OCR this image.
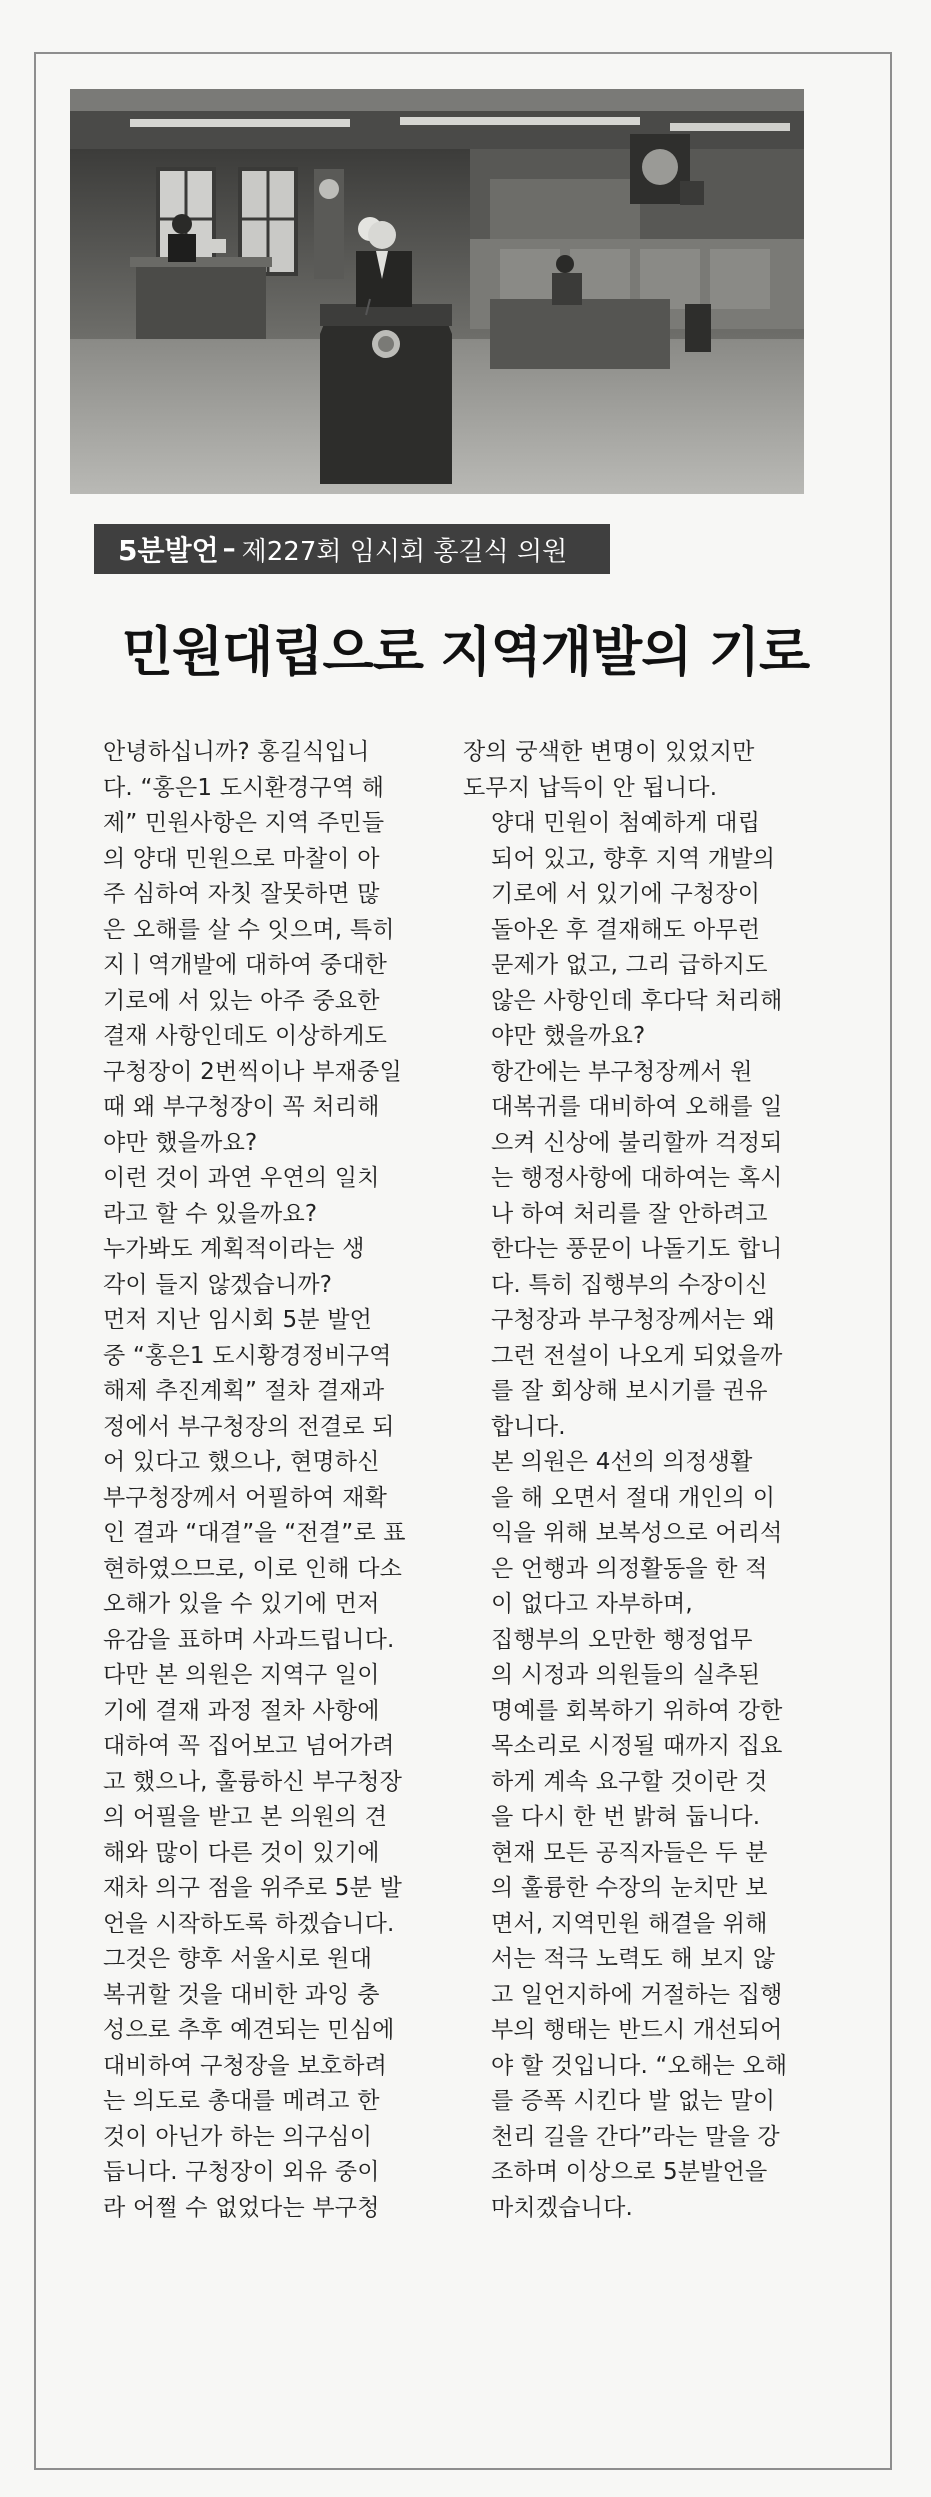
5분발언 – 제227회 임시회 홍길식 의원
민원대립으로 지역개발의 기로

안녕하십니까? 홍길식입니
다. “홍은1 도시환경구역 해
제” 민원사항은 지역 주민들
의 양대 민원으로 마찰이 아
주 심하여 자칫 잘못하면 많
은 오해를 살 수 잇으며, 특히
지ㅣ역개발에 대하여 중대한
기로에 서 있는 아주 중요한
결재 사항인데도 이상하게도
구청장이 2번씩이나 부재중일
때 왜 부구청장이 꼭 처리해
야만 했을까요?

이런 것이 과연 우연의 일치
라고 할 수 있을까요?

누가봐도 계획적이라는 생
각이 들지 않겠습니까?

먼저 지난 임시회 5분 발언
중 “홍은1 도시황경정비구역
해제 추진계획” 절차 결재과
정에서 부구청장의 전결로 되
어 있다고 했으나, 현명하신
부구청장께서 어필하여 재확
인 결과 “대결”을 “전결”로 표
현하였으므로, 이로 인해 다소
오해가 있을 수 있기에 먼저
유감을 표하며 사과드립니다.

다만 본 의원은 지역구 일이
기에 결재 과정 절차 사항에
대하여 꼭 집어보고 넘어가려
고 했으나, 훌륭하신 부구청장
의 어필을 받고 본 의원의 견
해와 많이 다른 것이 있기에
재차 의구 점을 위주로 5분 발
언을 시작하도록 하겠습니다.

그것은 향후 서울시로 원대
복귀할 것을 대비한 과잉 충
성으로 추후 예견되는 민심에
대비하여 구청장을 보호하려
는 의도로 총대를 메려고 한
것이 아닌가 하는 의구심이
듭니다. 구청장이 외유 중이
라 어쩔 수 없었다는 부구청

장의 궁색한 변명이 있었지만
도무지 납득이 안 됩니다.

양대 민원이 첨예하게 대립
되어 있고, 향후 지역 개발의
기로에 서 있기에 구청장이
돌아온 후 결재해도 아무런
문제가 없고, 그리 급하지도
않은 사항인데 후다닥 처리해
야만 했을까요?

항간에는 부구청장께서 원
대복귀를 대비하여 오해를 일
으켜 신상에 불리할까 걱정되
는 행정사항에 대하여는 혹시
나 하여 처리를 잘 안하려고
한다는 풍문이 나돌기도 합니
다. 특히 집행부의 수장이신
구청장과 부구청장께서는 왜
그런 전설이 나오게 되었을까
를 잘 회상해 보시기를 권유
합니다.

본 의원은 4선의 의정생활
을 해 오면서 절대 개인의 이
익을 위해 보복성으로 어리석
은 언행과 의정활동을 한 적
이 없다고 자부하며,

집행부의 오만한 행정업무
의 시정과 의원들의 실추된
명예를 회복하기 위하여 강한
목소리로 시정될 때까지 집요
하게 계속 요구할 것이란 것
을 다시 한 번 밝혀 둡니다.

현재 모든 공직자들은 두 분
의 훌륭한 수장의 눈치만 보
면서, 지역민원 해결을 위해
서는 적극 노력도 해 보지 않
고 일언지하에 거절하는 집행
부의 행태는 반드시 개선되어
야 할 것입니다. “오해는 오해
를 증폭 시킨다 발 없는 말이
천리 길을 간다”라는 말을 강
조하며 이상으로 5분발언을
마치겠습니다.
